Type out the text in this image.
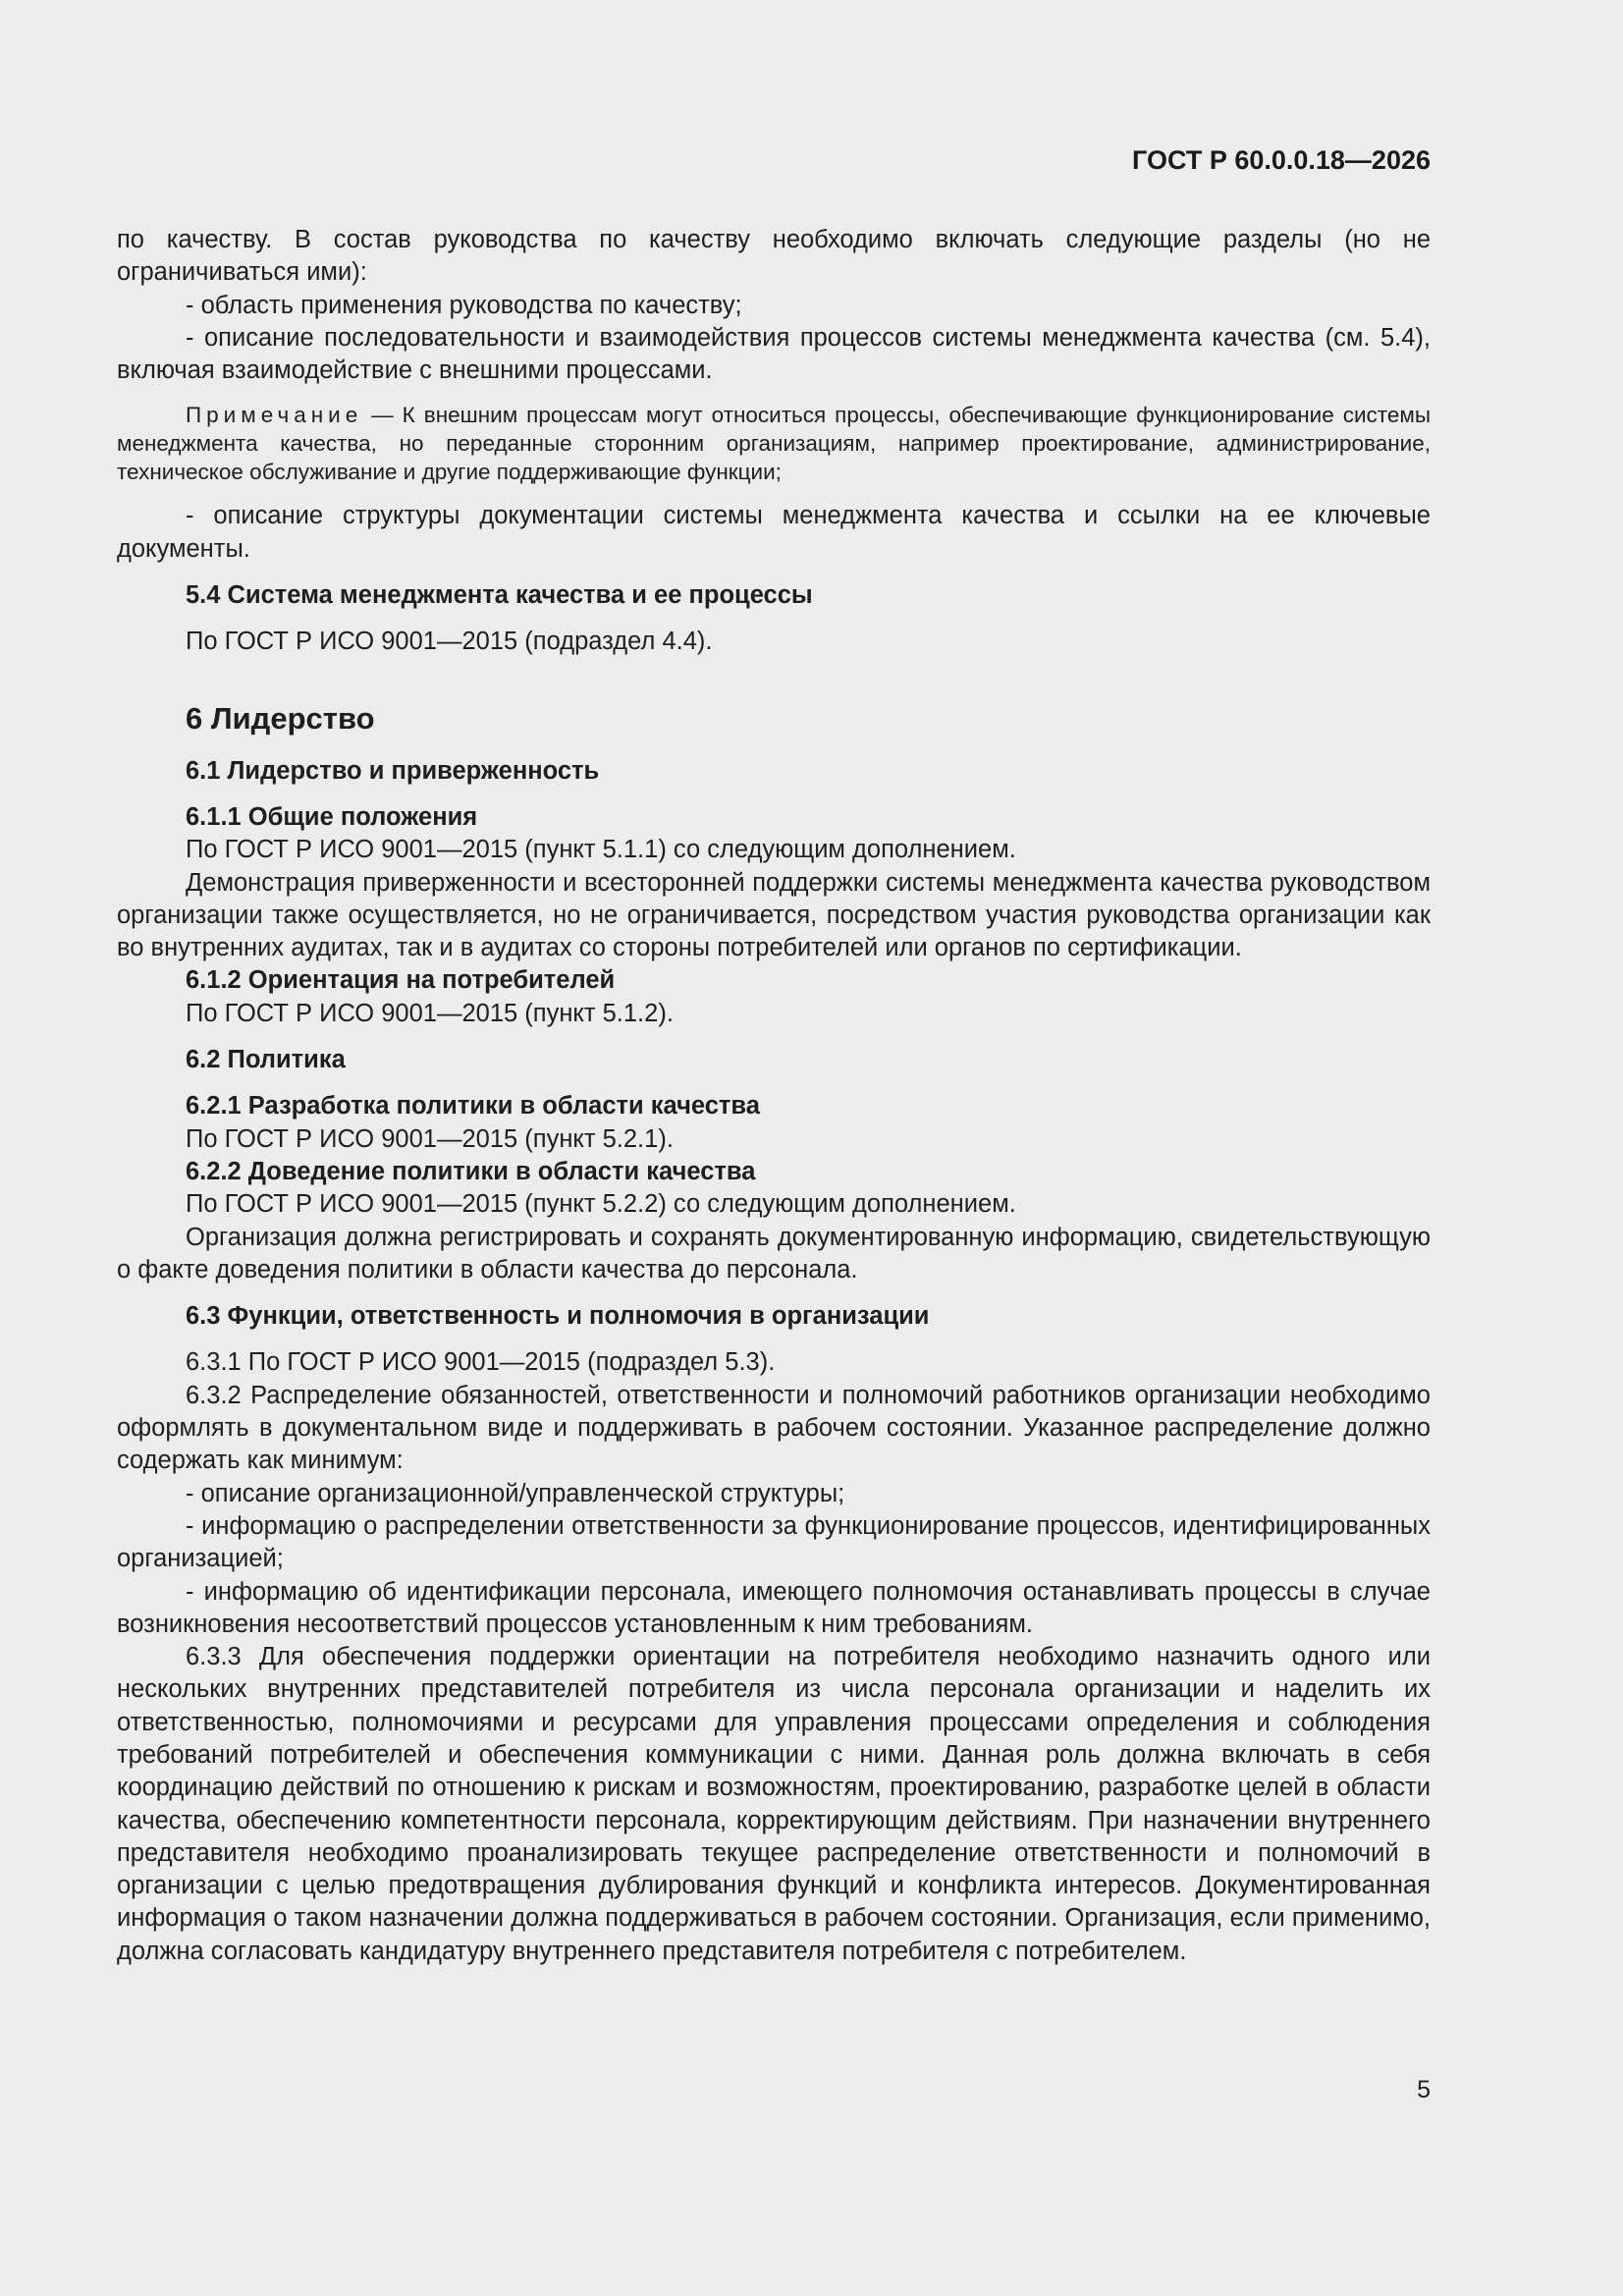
ГОСТ Р 60.0.0.18—2026

по качеству. В состав руководства по качеству необходимо включать следующие разделы (но не ограничиваться ими):

- область применения руководства по качеству;

- описание последовательности и взаимодействия процессов системы менеджмента качества (см. 5.4), включая взаимодействие с внешними процессами.

Примечание — К внешним процессам могут относиться процессы, обеспечивающие функционирование системы менеджмента качества, но переданные сторонним организациям, например проектирование, администрирование, техническое обслуживание и другие поддерживающие функции;

- описание структуры документации системы менеджмента качества и ссылки на ее ключевые документы.

5.4 Система менеджмента качества и ее процессы

По ГОСТ Р ИСО 9001—2015 (подраздел 4.4).

6 Лидерство

6.1 Лидерство и приверженность

6.1.1 Общие положения

По ГОСТ Р ИСО 9001—2015 (пункт 5.1.1) со следующим дополнением.

Демонстрация приверженности и всесторонней поддержки системы менеджмента качества руководством организации также осуществляется, но не ограничивается, посредством участия руководства организации как во внутренних аудитах, так и в аудитах со стороны потребителей или органов по сертификации.

6.1.2 Ориентация на потребителей

По ГОСТ Р ИСО 9001—2015 (пункт 5.1.2).

6.2 Политика

6.2.1 Разработка политики в области качества

По ГОСТ Р ИСО 9001—2015 (пункт 5.2.1).

6.2.2 Доведение политики в области качества

По ГОСТ Р ИСО 9001—2015 (пункт 5.2.2) со следующим дополнением.

Организация должна регистрировать и сохранять документированную информацию, свидетельствующую о факте доведения политики в области качества до персонала.

6.3 Функции, ответственность и полномочия в организации

6.3.1 По ГОСТ Р ИСО 9001—2015 (подраздел 5.3).

6.3.2 Распределение обязанностей, ответственности и полномочий работников организации необходимо оформлять в документальном виде и поддерживать в рабочем состоянии. Указанное распределение должно содержать как минимум:

- описание организационной/управленческой структуры;

- информацию о распределении ответственности за функционирование процессов, идентифицированных организацией;

- информацию об идентификации персонала, имеющего полномочия останавливать процессы в случае возникновения несоответствий процессов установленным к ним требованиям.

6.3.3 Для обеспечения поддержки ориентации на потребителя необходимо назначить одного или нескольких внутренних представителей потребителя из числа персонала организации и наделить их ответственностью, полномочиями и ресурсами для управления процессами определения и соблюдения требований потребителей и обеспечения коммуникации с ними. Данная роль должна включать в себя координацию действий по отношению к рискам и возможностям, проектированию, разработке целей в области качества, обеспечению компетентности персонала, корректирующим действиям. При назначении внутреннего представителя необходимо проанализировать текущее распределение ответственности и полномочий в организации с целью предотвращения дублирования функций и конфликта интересов. Документированная информация о таком назначении должна поддерживаться в рабочем состоянии. Организация, если применимо, должна согласовать кандидатуру внутреннего представителя потребителя с потребителем.

5
